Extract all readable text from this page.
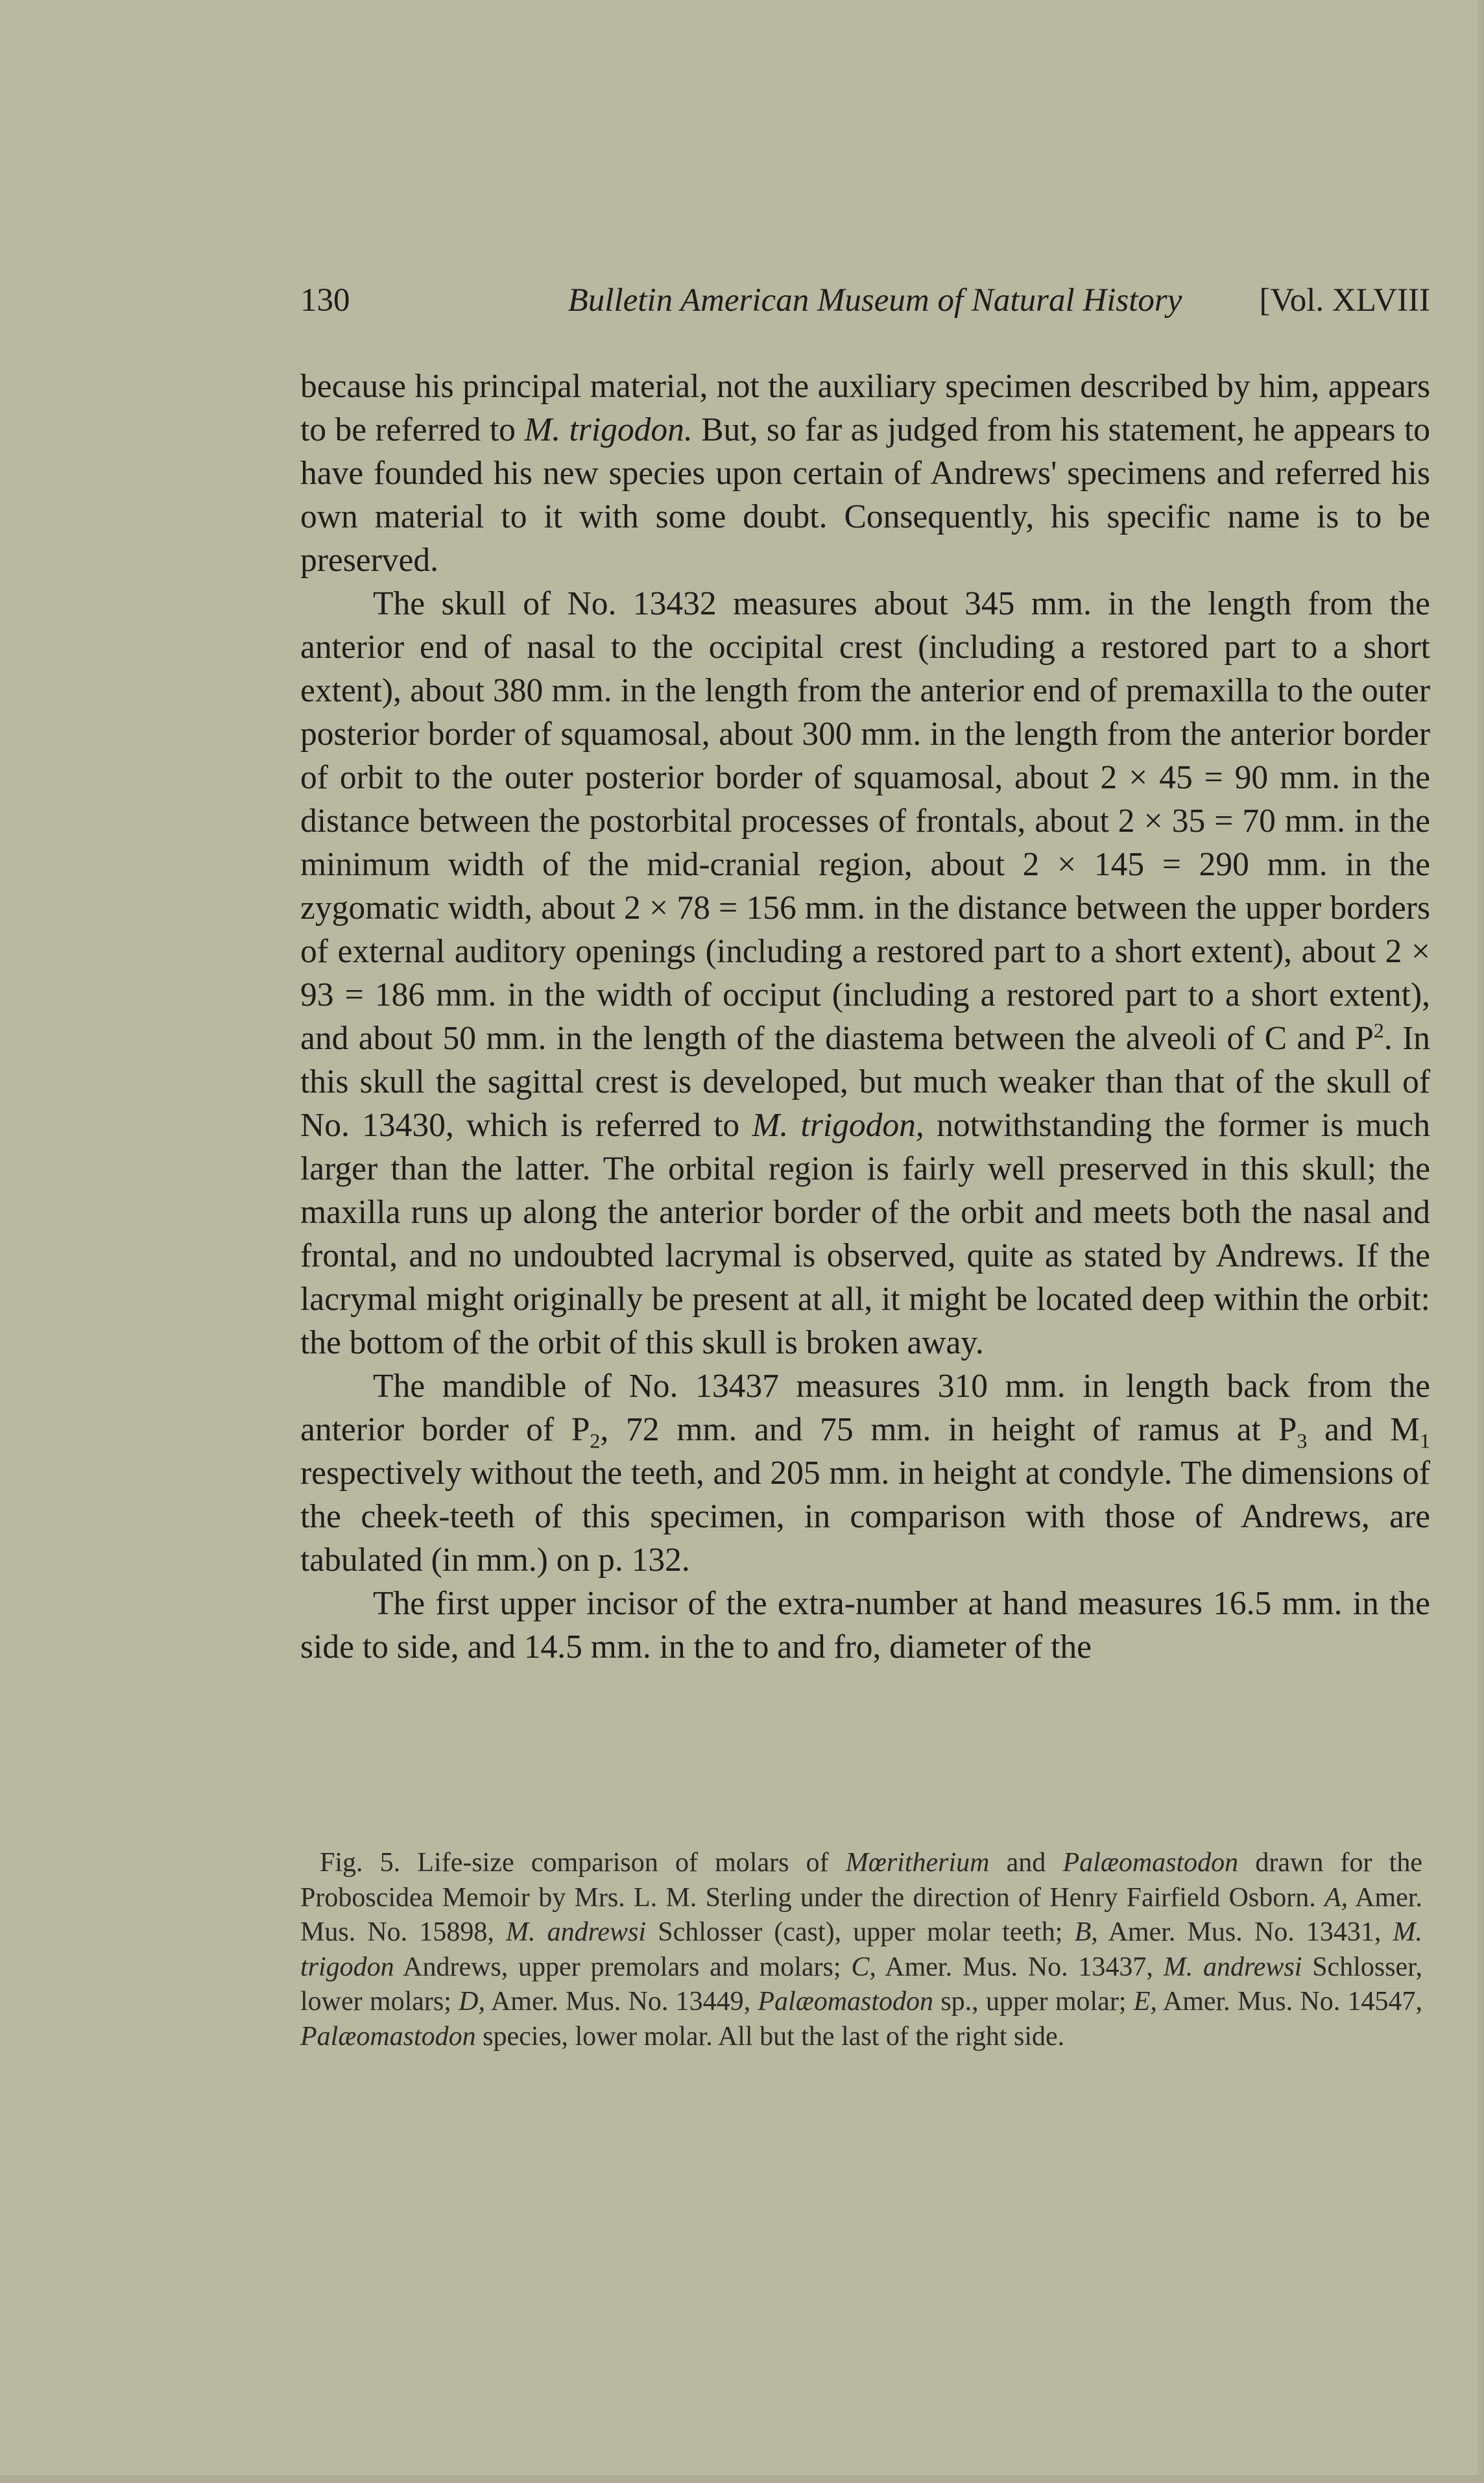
130	Bulletin American Museum of Natural History	[Vol. XLVIII

because his principal material, not the auxiliary specimen described by him, appears to be referred to M. trigodon. But, so far as judged from his statement, he appears to have founded his new species upon certain of Andrews' specimens and referred his own material to it with some doubt. Consequently, his specific name is to be preserved.

The skull of No. 13432 measures about 345 mm. in the length from the anterior end of nasal to the occipital crest (including a restored part to a short extent), about 380 mm. in the length from the anterior end of premaxilla to the outer posterior border of squamosal, about 300 mm. in the length from the anterior border of orbit to the outer posterior border of squamosal, about 2 × 45 = 90 mm. in the distance between the postorbital processes of frontals, about 2 × 35 = 70 mm. in the minimum width of the mid-cranial region, about 2 × 145 = 290 mm. in the zygomatic width, about 2 × 78 = 156 mm. in the distance between the upper borders of external auditory openings (including a restored part to a short extent), about 2 × 93 = 186 mm. in the width of occiput (including a restored part to a short extent), and about 50 mm. in the length of the diastema between the alveoli of C and $P^2$. In this skull the sagittal crest is developed, but much weaker than that of the skull of No. 13430, which is referred to M. trigodon, notwithstanding the former is much larger than the latter. The orbital region is fairly well preserved in this skull; the maxilla runs up along the anterior border of the orbit and meets both the nasal and frontal, and no undoubted lacrymal is observed, quite as stated by Andrews. If the lacrymal might originally be present at all, it might be located deep within the orbit: the bottom of the orbit of this skull is broken away.

The mandible of No. 13437 measures 310 mm. in length back from the anterior border of $P_2$, 72 mm. and 75 mm. in height of ramus at $P_3$ and $M_1$ respectively without the teeth, and 205 mm. in height at condyle. The dimensions of the cheek-teeth of this specimen, in comparison with those of Andrews, are tabulated (in mm.) on p. 132.

The first upper incisor of the extra-number at hand measures 16.5 mm. in the side to side, and 14.5 mm. in the to and fro, diameter of the

Fig. 5. Life-size comparison of molars of Mœritherium and Palæomastodon drawn for the Proboscidea Memoir by Mrs. L. M. Sterling under the direction of Henry Fairfield Osborn. A, Amer. Mus. No. 15898, M. andrewsi Schlosser (cast), upper molar teeth; B, Amer. Mus. No. 13431, M. trigodon Andrews, upper premolars and molars; C, Amer. Mus. No. 13437, M. andrewsi Schlosser, lower molars; D, Amer. Mus. No. 13449, Palæomastodon sp., upper molar; E, Amer. Mus. No. 14547, Palæomastodon species, lower molar. All but the last of the right side.
